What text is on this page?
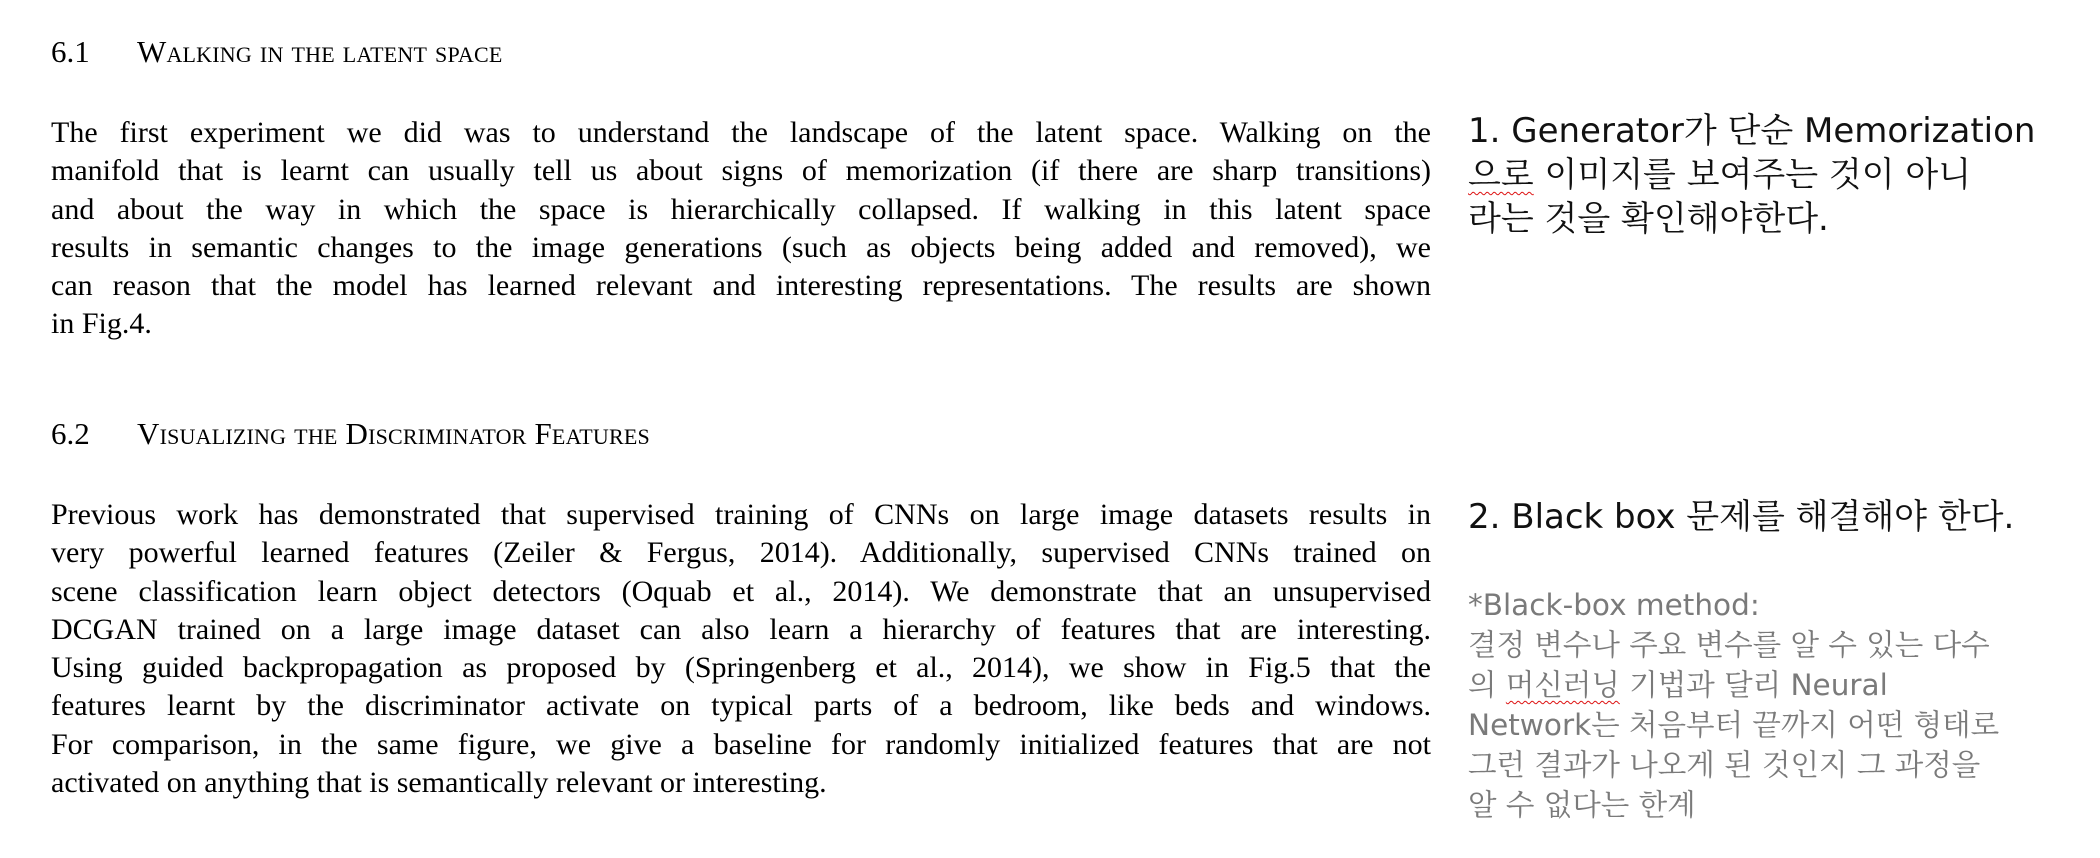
6.1 Walking in the latent space

The first experiment we did was to understand the landscape of the latent space. Walking on the
manifold that is learnt can usually tell us about signs of memorization (if there are sharp transitions)
and about the way in which the space is hierarchically collapsed. If walking in this latent space
results in semantic changes to the image generations (such as objects being added and removed), we
can reason that the model has learned relevant and interesting representations. The results are shown
in Fig.4.

6.2 Visualizing the Discriminator Features

Previous work has demonstrated that supervised training of CNNs on large image datasets results in
very powerful learned features (Zeiler & Fergus, 2014). Additionally, supervised CNNs trained on
scene classification learn object detectors (Oquab et al., 2014). We demonstrate that an unsupervised
DCGAN trained on a large image dataset can also learn a hierarchy of features that are interesting.
Using guided backpropagation as proposed by (Springenberg et al., 2014), we show in Fig.5 that the
features learnt by the discriminator activate on typical parts of a bedroom, like beds and windows.
For comparison, in the same figure, we give a baseline for randomly initialized features that are not
activated on anything that is semantically relevant or interesting.

1. Generator가 단순 Memorization
으로 이미지를 보여주는 것이 아니
라는 것을 확인해야한다.
2. Black box 문제를 해결해야 한다.
*Black-box method:
결정 변수나 주요 변수를 알 수 있는 다수
의 머신러닝 기법과 달리 Neural
Network는 처음부터 끝까지 어떤 형태로
그런 결과가 나오게 된 것인지 그 과정을
알 수 없다는 한계
